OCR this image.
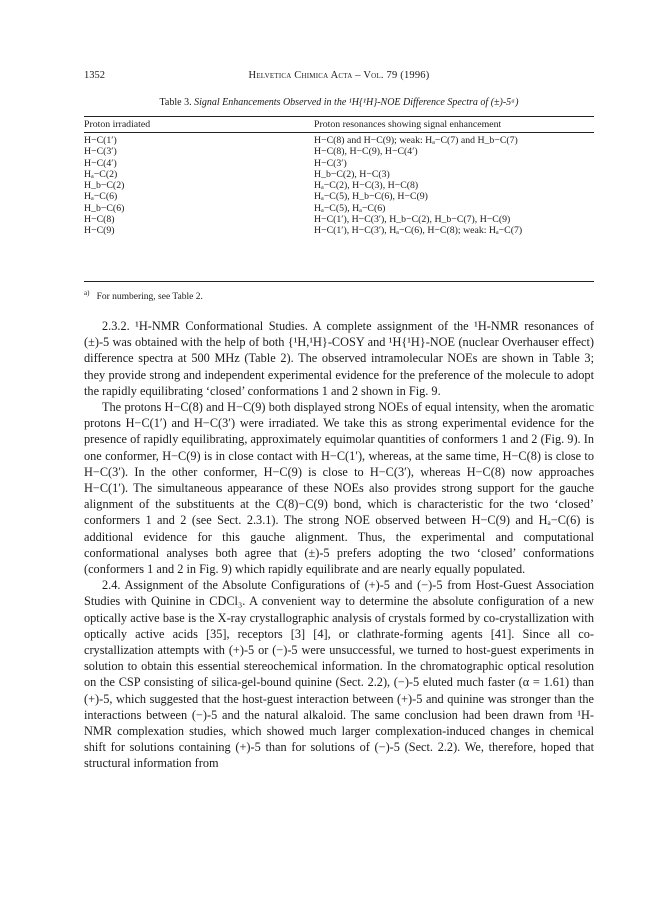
1352	Helvetica Chimica Acta – Vol. 79 (1996)
Table 3. Signal Enhancements Observed in the ¹H{¹H}-NOE Difference Spectra of (±)-5ᵃ)
Proton irradiated	Proton resonances showing signal enhancement
H−C(1′)	H−C(8) and H−C(9); weak: Hₐ−C(7) and H_b−C(7)
H−C(3′)	H−C(8), H−C(9), H−C(4′)
H−C(4′)	H−C(3′)
Hₐ−C(2)	H_b−C(2), H−C(3)
H_b−C(2)	Hₐ−C(2), H−C(3), H−C(8)
Hₐ−C(6)	Hₐ−C(5), H_b−C(6), H−C(9)
H_b−C(6)	Hₐ−C(5), Hₐ−C(6)
H−C(8)	H−C(1′), H−C(3′), H_b−C(2), H_b−C(7), H−C(9)
H−C(9)	H−C(1′), H−C(3′), Hₐ−C(6), H−C(8); weak: Hₐ−C(7)
$^{a)}$ For numbering, see Table 2.

2.3.2. ¹H-NMR Conformational Studies. A complete assignment of the ¹H-NMR resonances of (±)-5 was obtained with the help of both {¹H,¹H}-COSY and ¹H{¹H}-NOE (nuclear Overhauser effect) difference spectra at 500 MHz (Table 2). The observed intramolecular NOEs are shown in Table 3; they provide strong and independent experimental evidence for the preference of the molecule to adopt the rapidly equilibrating ‘closed’ conformations 1 and 2 shown in Fig. 9.

The protons H−C(8) and H−C(9) both displayed strong NOEs of equal intensity, when the aromatic protons H−C(1′) and H−C(3′) were irradiated. We take this as strong experimental evidence for the presence of rapidly equilibrating, approximately equimolar quantities of conformers 1 and 2 (Fig. 9). In one conformer, H−C(9) is in close contact with H−C(1′), whereas, at the same time, H−C(8) is close to H−C(3′). In the other conformer, H−C(9) is close to H−C(3′), whereas H−C(8) now approaches H−C(1′). The simultaneous appearance of these NOEs also provides strong support for the gauche alignment of the substituents at the C(8)−C(9) bond, which is characteristic for the two ‘closed’ conformers 1 and 2 (see Sect. 2.3.1). The strong NOE observed between H−C(9) and Hₐ−C(6) is additional evidence for this gauche alignment. Thus, the experimental and computational conformational analyses both agree that (±)-5 prefers adopting the two ‘closed’ conformations (conformers 1 and 2 in Fig. 9) which rapidly equilibrate and are nearly equally populated.

2.4. Assignment of the Absolute Configurations of (+)-5 and (−)-5 from Host-Guest Association Studies with Quinine in CDCl₃. A convenient way to determine the absolute configuration of a new optically active base is the X-ray crystallographic analysis of crystals formed by co-crystallization with optically active acids [35], receptors [3] [4], or clathrate-forming agents [41]. Since all co-crystallization attempts with (+)-5 or (−)-5 were unsuccessful, we turned to host-guest experiments in solution to obtain this essential stereochemical information. In the chromatographic optical resolution on the CSP consisting of silica-gel-bound quinine (Sect. 2.2), (−)-5 eluted much faster (α = 1.61) than (+)-5, which suggested that the host-guest interaction between (+)-5 and quinine was stronger than the interactions between (−)-5 and the natural alkaloid. The same conclusion had been drawn from ¹H-NMR complexation studies, which showed much larger complexation-induced changes in chemical shift for solutions containing (+)-5 than for solutions of (−)-5 (Sect. 2.2). We, therefore, hoped that structural information from
